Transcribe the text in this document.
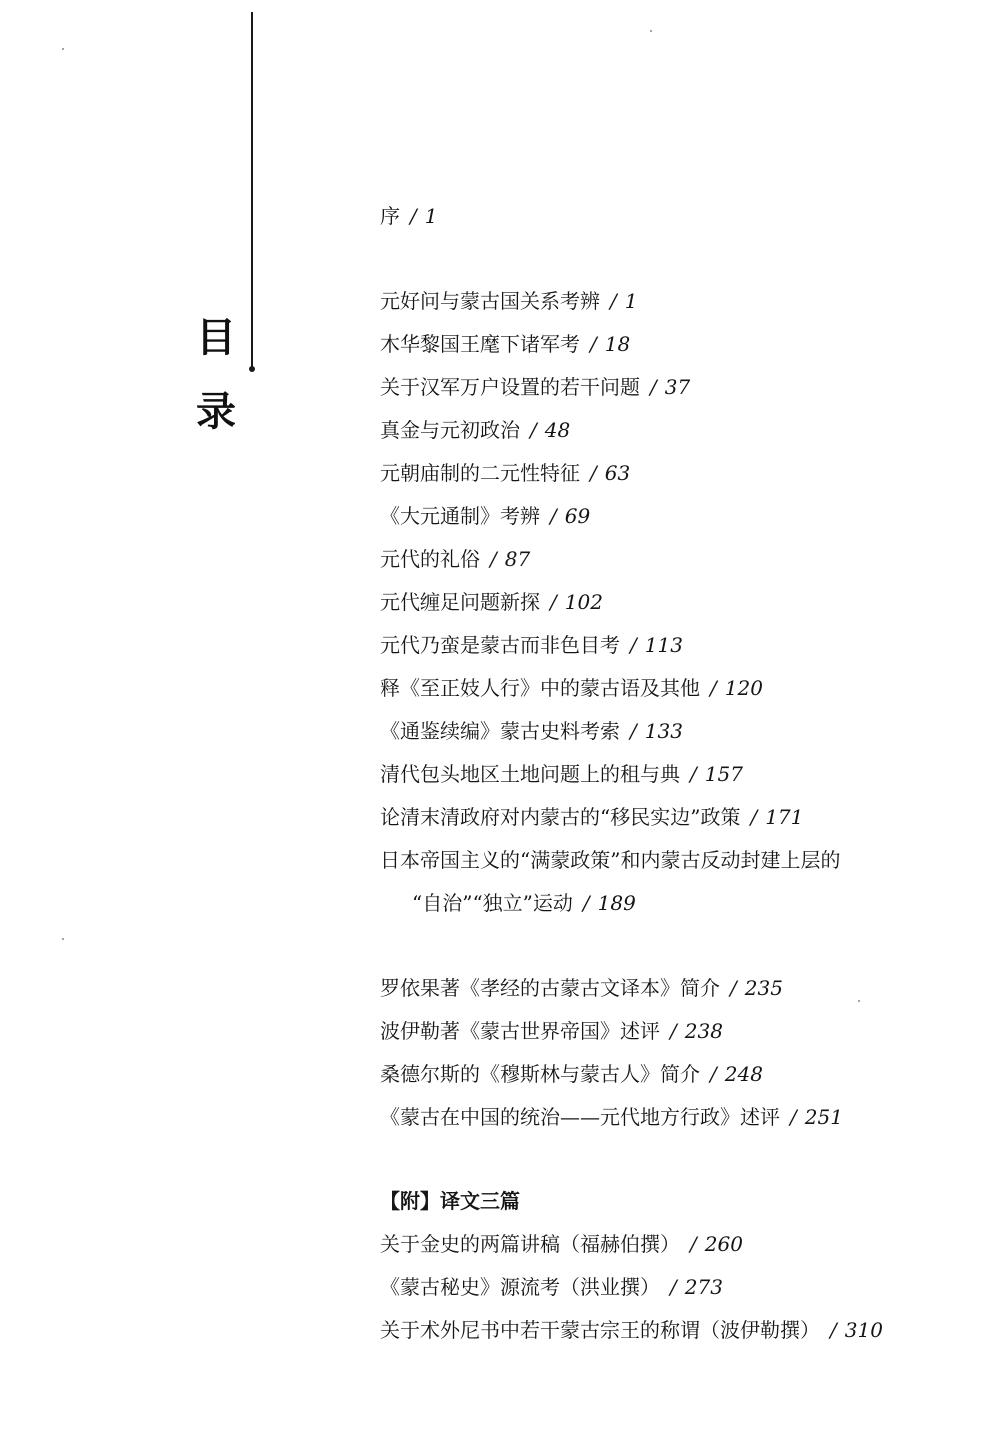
目
录
序 / 1
元好问与蒙古国关系考辨 / 1
木华黎国王麾下诸军考 / 18
关于汉军万户设置的若干问题 / 37
真金与元初政治 / 48
元朝庙制的二元性特征 / 63
《大元通制》考辨 / 69
元代的礼俗 / 87
元代缠足问题新探 / 102
元代乃蛮是蒙古而非色目考 / 113
释《至正妓人行》中的蒙古语及其他 / 120
《通鉴续编》蒙古史料考索 / 133
清代包头地区土地问题上的租与典 / 157
论清末清政府对内蒙古的“移民实边”政策 / 171
日本帝国主义的“满蒙政策”和内蒙古反动封建上层的
“自治”“独立”运动 / 189
罗依果著《孝经的古蒙古文译本》简介 / 235
波伊勒著《蒙古世界帝国》述评 / 238
桑德尔斯的《穆斯林与蒙古人》简介 / 248
《蒙古在中国的统治——元代地方行政》述评 / 251
【附】译文三篇
关于金史的两篇讲稿（福赫伯撰） / 260
《蒙古秘史》源流考（洪业撰） / 273
关于术外尼书中若干蒙古宗王的称谓（波伊勒撰） / 310
